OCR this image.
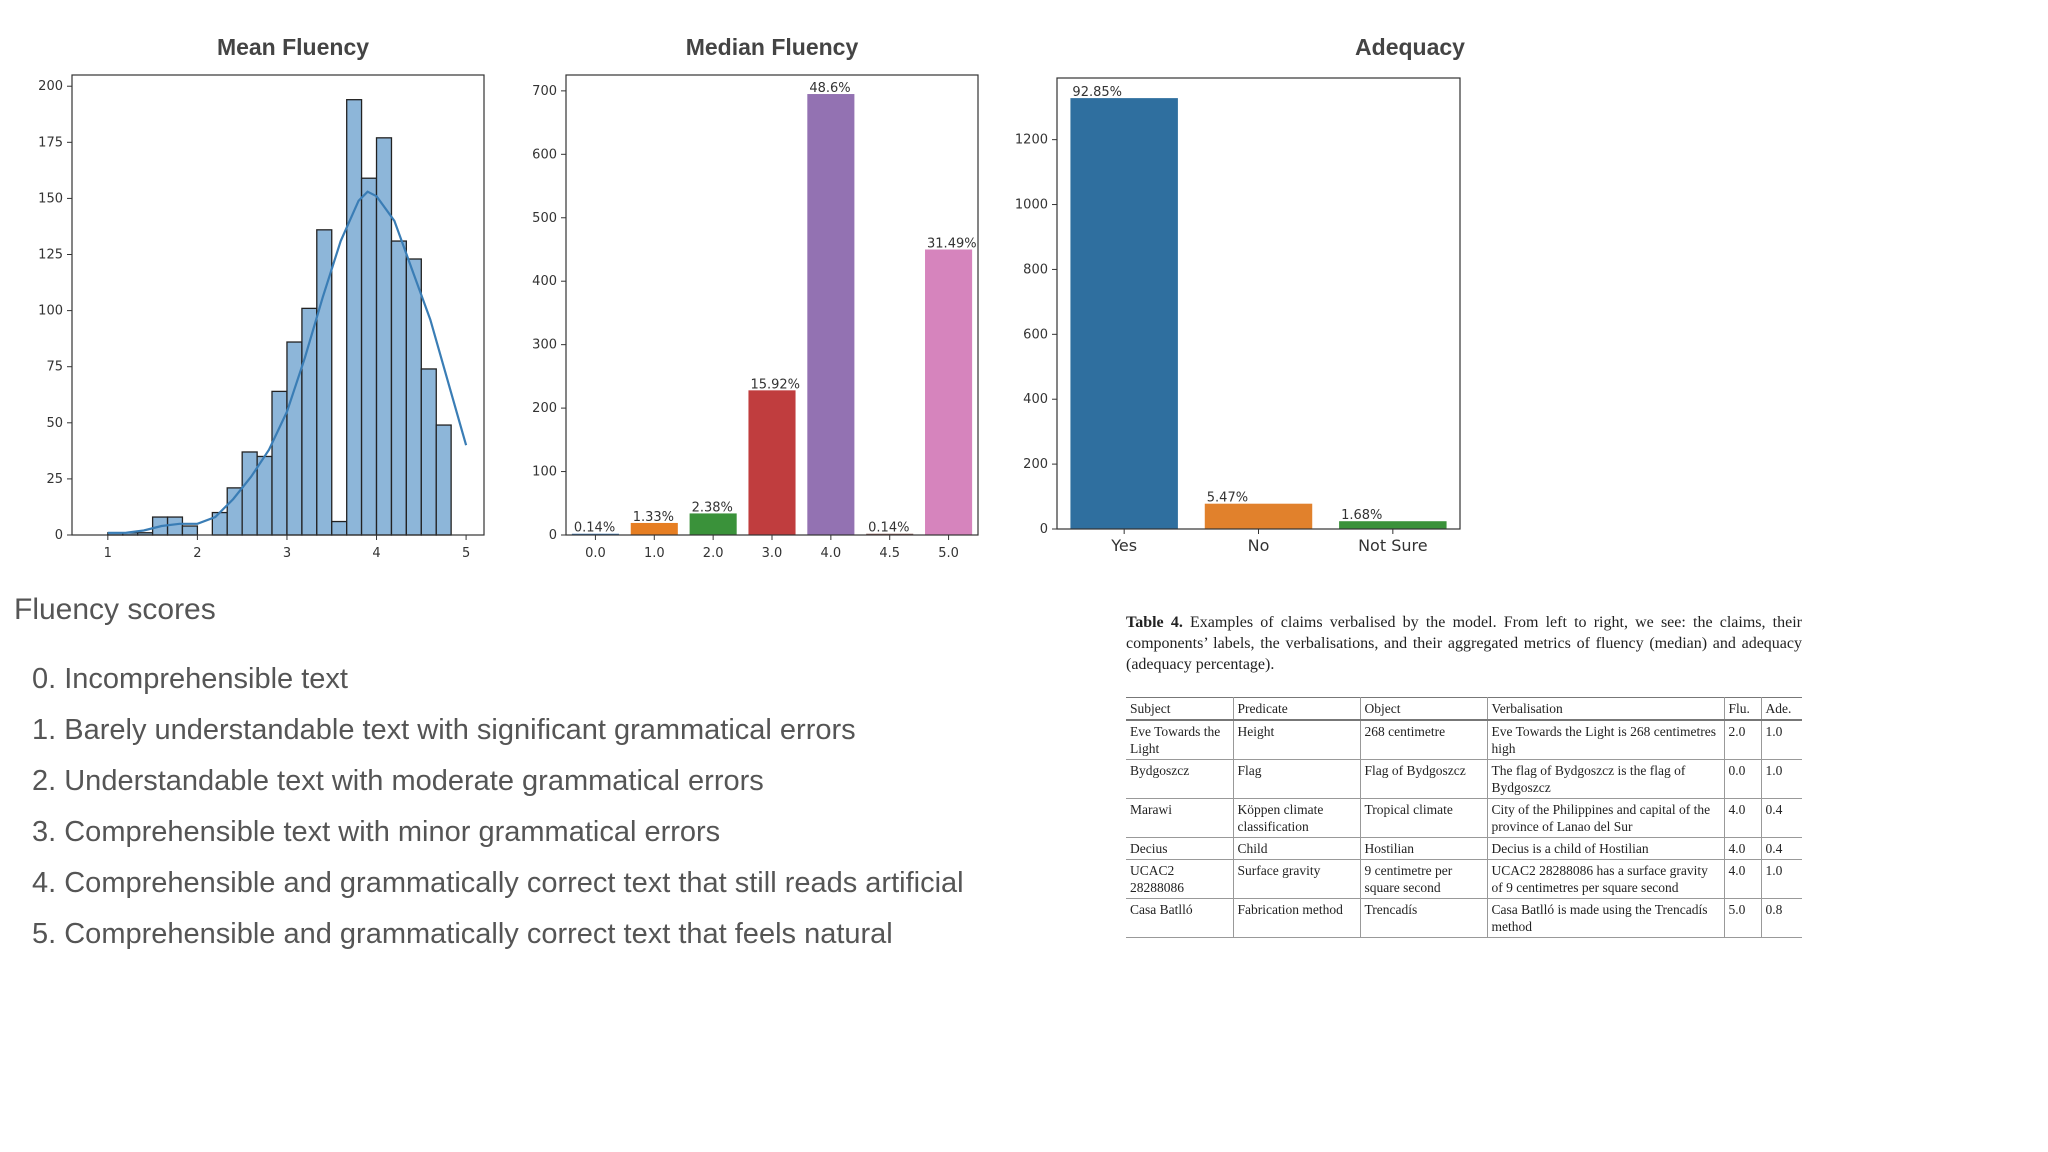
Mean Fluency	Median Fluency	Adequacy
0
25
50
75
100
125
150
175
200
1	2	3	4	5
0.14%
0.0
1.33%
1.0
2.38%
2.0
15.92%
3.0
48.6%
4.0
0.14%
4.5
31.49%
5.0
0
100
200
300
400
500
600
700	92.85%
Yes
5.47%
No
1.68%
Not Sure
0
200
400
600
800
1000
1200
Fluency scores
0. Incomprehensible text
1. Barely understandable text with significant grammatical errors
2. Understandable text with moderate grammatical errors
3. Comprehensible text with minor grammatical errors
4. Comprehensible and grammatically correct text that still reads artificial
5. Comprehensible and grammatically correct text that feels natural
Table 4. Examples of claims verbalised by the model. From left to right, we see: the claims, their components’ labels, the verbalisations, and their aggregated metrics of fluency (median) and adequacy (adequacy percentage).
Subject	Predicate	Object	Verbalisation	Flu.	Ade.
Eve Towards the Light	Height	268 centimetre	Eve Towards the Light is 268 centimetres high	2.0	1.0
Bydgoszcz	Flag	Flag of Bydgoszcz	The flag of Bydgoszcz is the flag of Bydgoszcz	0.0	1.0
Marawi	Köppen climate classification	Tropical climate	City of the Philippines and capital of the province of Lanao del Sur	4.0	0.4
Decius	Child	Hostilian	Decius is a child of Hostilian	4.0	0.4
UCAC2 28288086	Surface gravity	9 centimetre per square second	UCAC2 28288086 has a surface gravity of 9 centimetres per square second	4.0	1.0
Casa Batlló	Fabrication method	Trencadís	Casa Batlló is made using the Trencadís method	5.0	0.8
